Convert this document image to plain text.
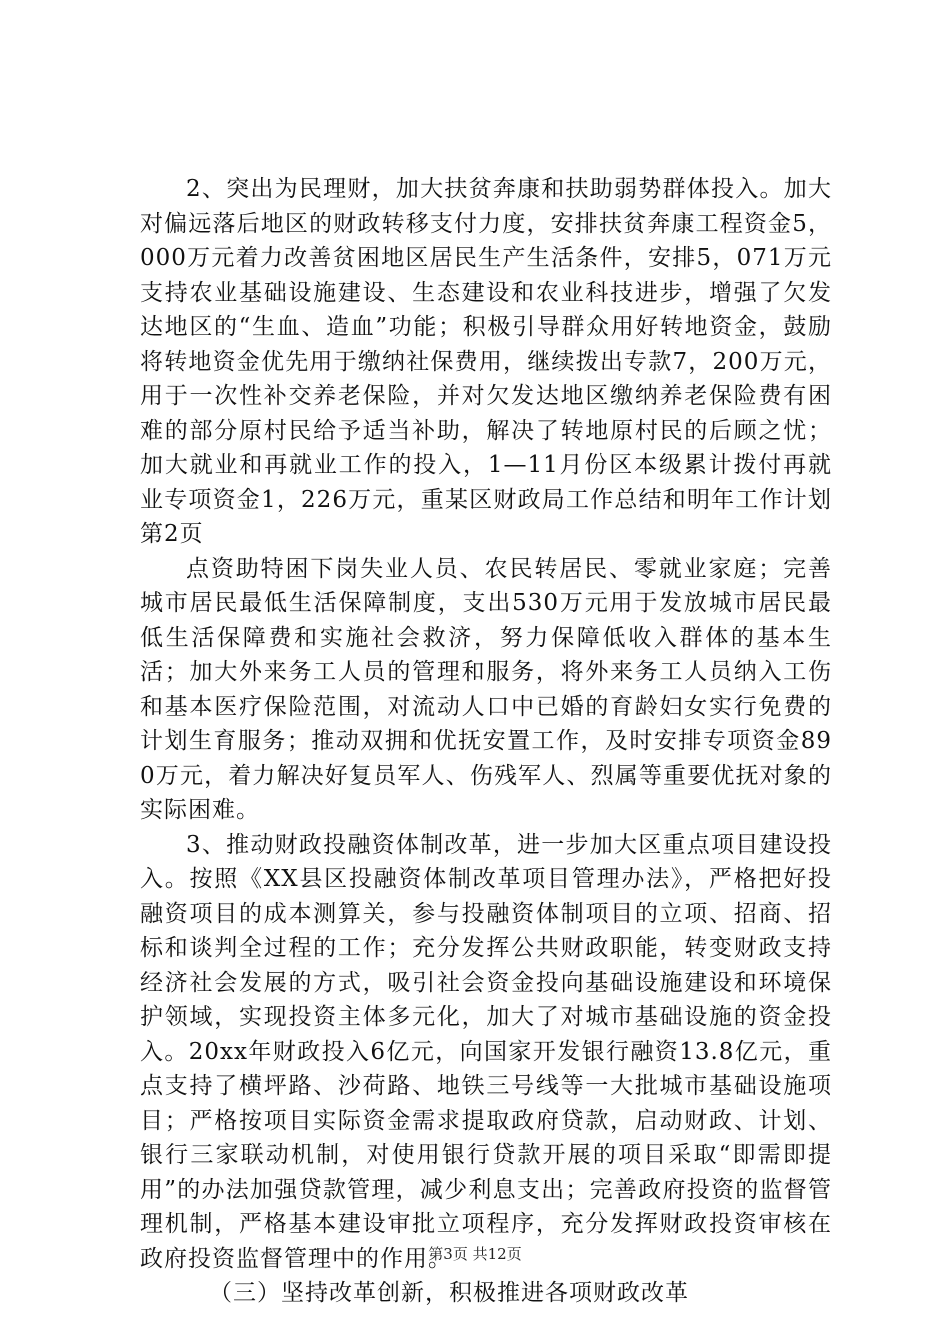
2、突出为民理财，加大扶贫奔康和扶助弱势群体投入。加大对偏远落后地区的财政转移支付力度，安排扶贫奔康工程资金5，000万元着力改善贫困地区居民生产生活条件，安排5，071万元支持农业基础设施建设、生态建设和农业科技进步，增强了欠发达地区的“生血、造血”功能；积极引导群众用好转地资金，鼓励将转地资金优先用于缴纳社保费用，继续拨出专款7，200万元，用于一次性补交养老保险，并对欠发达地区缴纳养老保险费有困难的部分原村民给予适当补助，解决了转地原村民的后顾之忧；加大就业和再就业工作的投入，1—11月份区本级累计拨付再就业专项资金1，226万元，重某区财政局工作总结和明年工作计划第2页

点资助特困下岗失业人员、农民转居民、零就业家庭；完善城市居民最低生活保障制度，支出530万元用于发放城市居民最低生活保障费和实施社会救济，努力保障低收入群体的基本生活；加大外来务工人员的管理和服务，将外来务工人员纳入工伤和基本医疗保险范围，对流动人口中已婚的育龄妇女实行免费的计划生育服务；推动双拥和优抚安置工作，及时安排专项资金890万元，着力解决好复员军人、伤残军人、烈属等重要优抚对象的实际困难。

3、推动财政投融资体制改革，进一步加大区重点项目建设投入。按照《XX县区投融资体制改革项目管理办法》，严格把好投融资项目的成本测算关，参与投融资体制项目的立项、招商、招标和谈判全过程的工作；充分发挥公共财政职能，转变财政支持经济社会发展的方式，吸引社会资金投向基础设施建设和环境保护领域，实现投资主体多元化，加大了对城市基础设施的资金投入。20xx年财政投入6亿元，向国家开发银行融资13.8亿元，重点支持了横坪路、沙荷路、地铁三号线等一大批城市基础设施项目；严格按项目实际资金需求提取政府贷款，启动财政、计划、银行三家联动机制，对使用银行贷款开展的项目采取“即需即提用”的办法加强贷款管理，减少利息支出；完善政府投资的监督管理机制，严格基本建设审批立项程序，充分发挥财政投资审核在政府投资监督管理中的作用。

（三）坚持改革创新，积极推进各项财政改革

第3页 共12页
